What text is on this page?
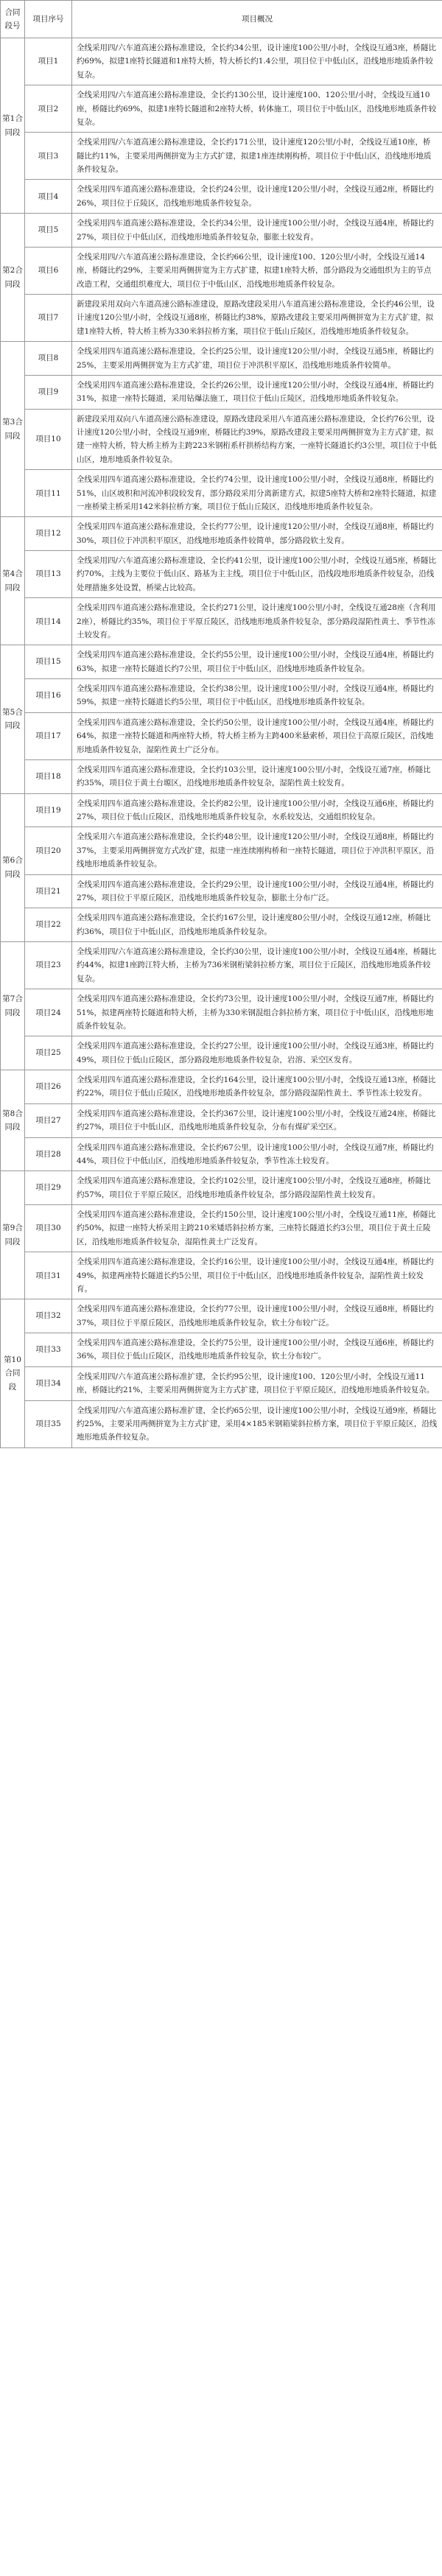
合同段号	项目序号	项目概况
第1合同段	项目1	全线采用四/六车道高速公路标准建设，全长约34公里，设计速度100公里/小时，全线设互通3座，桥隧比约69%，拟建1座特长隧道和1座特大桥，特大桥长约1.4公里，项目位于中低山区，沿线地形地质条件较复杂。
	项目2	全线采用四/六车道高速公路标准建设，全长约130公里，设计速度100、120公里/小时，全线设互通10座，桥隧比约69%，拟建1座特长隧道和2座特大桥，转体施工，项目位于中低山区，沿线地形地质条件较复杂。
	项目3	全线采用四/六车道高速公路标准建设，全长约171公里，设计速度120公里/小时，全线设互通10座，桥隧比约11%，主要采用两侧拼宽为主方式扩建，拟建1座连续刚构桥，项目位于中低山区，沿线地形地质条件较复杂。
	项目4	全线采用四车道高速公路标准建设，全长约24公里，设计速度120公里/小时，全线设互通2座，桥隧比约26%，项目位于丘陵区，沿线地形地质条件较复杂。
第2合同段	项目5	全线采用四车道高速公路标准建设，全长约34公里，设计速度100公里/小时，全线设互通4座，桥隧比约27%，项目位于中低山区，沿线地形地质条件较复杂，膨胀土较发育。
	项目6	全线采用四/六车道高速公路标准建设，全长约66公里，设计速度100、120公里/小时，全线设互通14座，桥隧比约29%，主要采用两侧拼宽为主方式扩建，拟建1座特大桥，部分路段为交通组织为主的节点改造工程，交通组织难度大，项目位于中低山区，沿线地形地质条件较复杂。
	项目7	新建段采用双向六车道高速公路标准建设，原路改建段采用八车道高速公路标准建设，全长约46公里，设计速度120公里/小时，全线设互通8座，桥隧比约38%，原路改建段主要采用两侧拼宽为主方式扩建，拟建1座特大桥，特大桥主桥为330米斜拉桥方案，项目位于低山丘陵区，沿线地形地质条件较复杂。
第3合同段	项目8	全线采用四车道高速公路标准建设，全长约25公里，设计速度120公里/小时，全线设互通5座，桥隧比约25%，主要采用两侧拼宽为主方式扩建，项目位于冲洪积平原区，沿线地形地质条件较简单。
	项目9	全线采用四车道高速公路标准建设，全长约26公里，设计速度120公里/小时，全线设互通4座，桥隧比约31%，拟建一座特长隧道，采用钻爆法施工，项目位于低山丘陵区，沿线地形地质条件较复杂。
	项目10	新建段采用双向八车道高速公路标准建设，原路改建段采用八车道高速公路标准建设，全长约76公里，设计速度120公里/小时，全线设互通9座，桥隧比约39%，原路改建段主要采用两侧拼宽为主方式扩建，拟建一座特大桥，特大桥主桥为主跨223米钢桁系杆拱桥结构方案，一座特长隧道长约3公里，项目位于中低山区，地形地质条件较复杂。
	项目11	全线采用四车道高速公路标准建设，全长约74公里，设计速度100公里/小时，全线设互通8座，桥隧比约51%，山区坡积和河流冲积段较发育，部分路段采用分离新建方式，拟建5座特大桥和2座特长隧道，拟建一座桥梁主桥采用142米斜拉桥方案，项目位于低山丘陵区，沿线地形地质条件较复杂。
第4合同段	项目12	全线采用四车道高速公路标准建设，全长约77公里，设计速度120公里/小时，全线设互通8座，桥隧比约30%，项目位于冲洪积平原区，沿线地形地质条件较简单，部分路段软土发育。
	项目13	全线采用四/六车道高速公路标准建设，全长约41公里，设计速度100公里/小时，全线设互通5座，桥隧比约70%，主线为主要位于低山区、路基为主主线，项目位于中低山区，沿线段地形地质条件较复杂，沿线处理措施多处设置，桥梁占比较高。
	项目14	全线采用四车道高速公路标准建设，全长约271公里，设计速度100公里/小时，全线设互通28座（含利用2座），桥隧比约35%，项目位于平原丘陵区，沿线地形地质条件较复杂，部分路段湿陷性黄土、季节性冻土较发育。
第5合同段	项目15	全线采用四车道高速公路标准建设，全长约55公里，设计速度100公里/小时，全线设互通4座，桥隧比约63%，拟建一座特长隧道长约7公里，项目位于中低山区，沿线地形地质条件较复杂。
	项目16	全线采用四车道高速公路标准建设，全长约38公里，设计速度100公里/小时，全线设互通4座，桥隧比约59%，拟建一座特长隧道长约5公里，项目位于中低山区，沿线地形地质条件较复杂。
	项目17	全线采用四车道高速公路标准建设，全长约50公里，设计速度100公里/小时，全线设互通4座，桥隧比约64%，拟建一座特长隧道和两座特大桥，特大桥主桥为主跨400米悬索桥，项目位于高原丘陵区，沿线地形地质条件较复杂，湿陷性黄土广泛分布。
	项目18	全线采用四车道高速公路标准建设，全长约103公里，设计速度100公里/小时，全线设互通7座，桥隧比约35%，项目位于黄土台塬区，沿线地形地质条件较复杂，湿陷性黄土较发育。
第6合同段	项目19	全线采用四车道高速公路标准建设，全长约82公里，设计速度100公里/小时，全线设互通6座，桥隧比约27%，项目位于低山丘陵区，沿线地形地质条件较复杂，水系较发达，交通组织较复杂。
	项目20	全线采用六车道高速公路标准建设，全长约48公里，设计速度120公里/小时，全线设互通8座，桥隧比约37%，主要采用两侧拼宽方式改扩建，拟建一座连续刚构桥和一座特长隧道，项目位于冲洪积平原区，沿线地形地质条件较复杂。
	项目21	全线采用四车道高速公路标准建设，全长约29公里，设计速度100公里/小时，全线设互通4座，桥隧比约27%，项目位于平原丘陵区，沿线地形地质条件较复杂，膨胀土分布广泛。
	项目22	全线采用四车道高速公路标准建设，全长约167公里，设计速度80公里/小时，全线设互通12座，桥隧比约36%，项目位于中低山区，沿线地形地质条件较复杂。
第7合同段	项目23	全线采用四/六车道高速公路标准建设，全长约30公里，设计速度100公里/小时，全线设互通4座，桥隧比约44%，拟建1座跨江特大桥，主桥为736米钢桁梁斜拉桥方案，项目位于丘陵区，沿线地形地质条件较复杂。
	项目24	全线采用四车道高速公路标准建设，全长约73公里，设计速度100公里/小时，全线设互通7座，桥隧比约51%，拟建两座特长隧道和特大桥，主桥为330米钢混组合斜拉桥方案，项目位于中低山区，沿线地形地质条件较复杂。
	项目25	全线采用四车道高速公路标准建设，全长约27公里，设计速度100公里/小时，全线设互通3座，桥隧比约49%，项目位于低山丘陵区，部分路段地形地质条件较复杂，岩溶、采空区发育。
第8合同段	项目26	全线采用四车道高速公路标准建设，全长约164公里，设计速度100公里/小时，全线设互通13座，桥隧比约22%，项目位于低山丘陵区，沿线地形地质条件较复杂，部分路段湿陷性黄土、季节性冻土较发育。
	项目27	全线采用四车道高速公路标准建设，全长约367公里，设计速度100公里/小时，全线设互通24座，桥隧比约27%，项目位于中低山区，沿线地形地质条件较复杂，分布有煤矿采空区。
	项目28	全线采用四车道高速公路标准建设，全长约67公里，设计速度100公里/小时，全线设互通7座，桥隧比约44%，项目位于中低山区，沿线地形地质条件较复杂，季节性冻土较发育。
第9合同段	项目29	全线采用四车道高速公路标准建设，全长约102公里，设计速度100公里/小时，全线设互通8座，桥隧比约57%，项目位于平原丘陵区，沿线地形地质条件较复杂，部分路段湿陷性黄土较发育。
	项目30	全线采用四车道高速公路标准建设，全长约150公里，设计速度100公里/小时，全线设互通11座，桥隧比约50%，拟建一座特大桥采用主跨210米矮塔斜拉桥方案，三座特长隧道长约3公里，项目位于黄土丘陵区，沿线地形地质条件较复杂，湿陷性黄土广泛发育。
	项目31	全线采用四车道高速公路标准建设，全长约16公里，设计速度100公里/小时，全线设互通4座，桥隧比约49%，拟建两座特长隧道长约5公里，项目位于中低山区，沿线地形地质条件较复杂，湿陷性黄土较发育。
第10合同段	项目32	全线采用四车道高速公路标准建设，全长约77公里，设计速度100公里/小时，全线设互通8座，桥隧比约37%，项目位于平原丘陵区，沿线地形地质条件较复杂，软土分布较广泛。
	项目33	全线采用四车道高速公路标准建设，全长约75公里，设计速度100公里/小时，全线设互通6座，桥隧比约36%，项目位于低山丘陵区，沿线地形地质条件较复杂，软土分布较广。
	项目34	全线采用四/六车道高速公路标准扩建，全长约95公里，设计速度100、120公里/小时，全线设互通11座，桥隧比约21%，主要采用两侧拼宽为主方式扩建，项目位于平原丘陵区，沿线地形地质条件较复杂。
	项目35	全线采用四/六车道高速公路标准扩建，全长约65公里，设计速度100公里/小时，全线设互通9座，桥隧比约25%，主要采用两侧拼宽为主方式扩建，采用4×185米钢箱梁斜拉桥方案，项目位于平原丘陵区，沿线地形地质条件较复杂。
